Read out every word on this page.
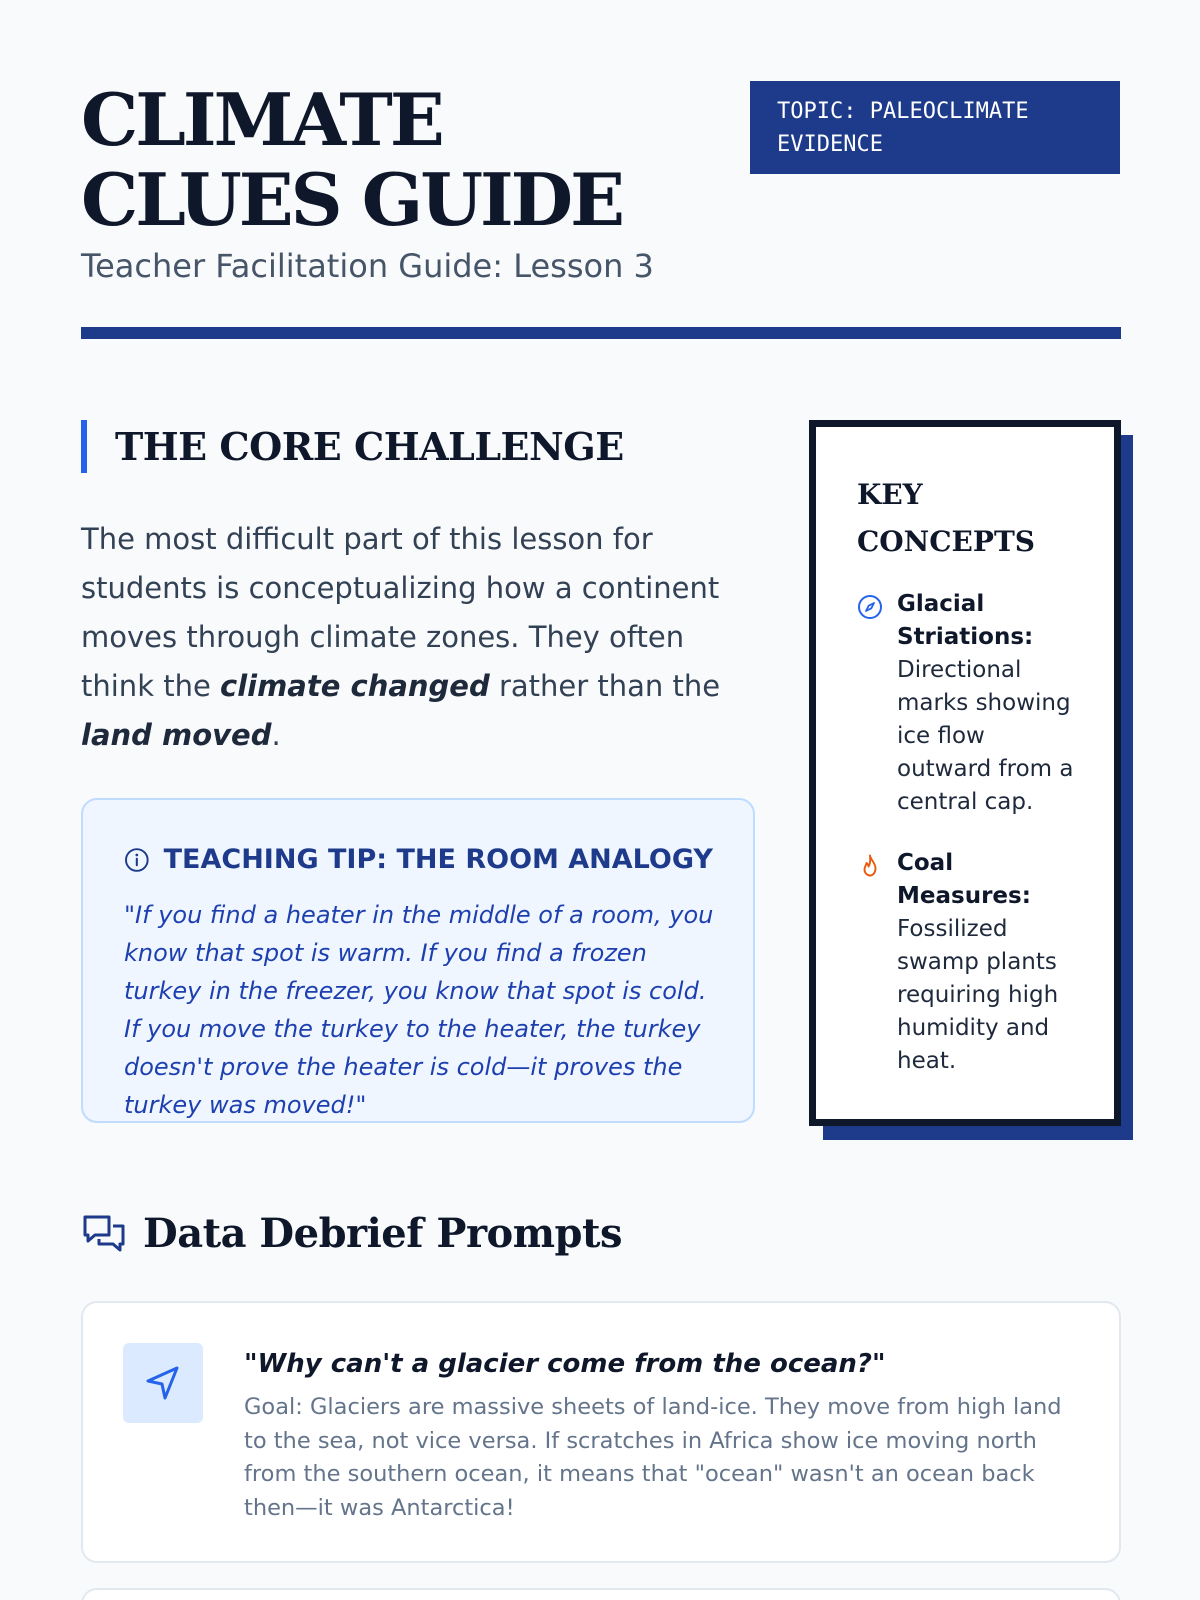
CLIMATE CLUES GUIDE
Teacher Facilitation Guide: Lesson 3
TOPIC: PALEOCLIMATE EVIDENCE
THE CORE CHALLENGE

The most difficult part of this lesson for students is conceptualizing how a continent moves through climate zones. They often think the climate changed rather than the land moved.

TEACHING TIP: THE ROOM ANALOGY

"If you find a heater in the middle of a room, you know that spot is warm. If you find a frozen turkey in the freezer, you know that spot is cold. If you move the turkey to the heater, the turkey doesn't prove the heater is cold—it proves the turkey was moved!"

KEY CONCEPTS
Glacial Striations:
Directional marks showing ice flow outward from a central cap.
Coal Measures:
Fossilized swamp plants requiring high humidity and heat.
Data Debrief Prompts
"Why can't a glacier come from the ocean?"

Goal: Glaciers are massive sheets of land-ice. They move from high land to the sea, not vice versa. If scratches in Africa show ice moving north from the southern ocean, it means that "ocean" wasn't an ocean back then—it was Antarctica!
